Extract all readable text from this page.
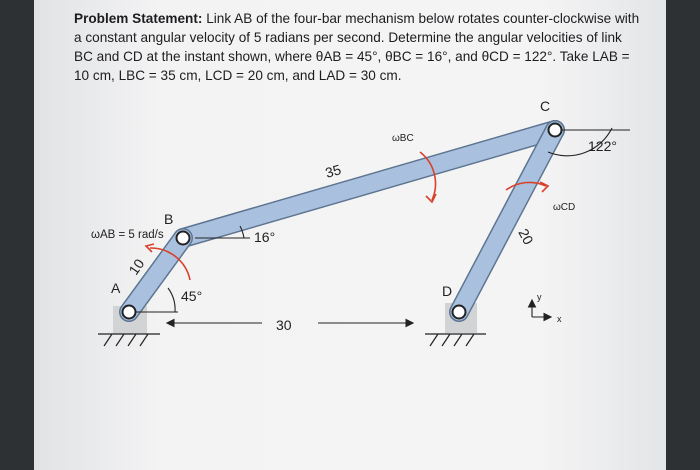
Problem Statement: Link AB of the four-bar mechanism below rotates counter-clockwise with a constant angular velocity of 5 radians per second. Determine the angular velocities of link BC and CD at the instant shown, where θAB = 45°, θBC = 16°, and θCD = 122°. Take LAB = 10 cm, LBC = 35 cm, LCD = 20 cm, and LAD = 30 cm.
A
B
C
D
10
35
20
30
45°
16°
122°
ωAB = 5 rad/s
ωBC
ωCD
y
x
